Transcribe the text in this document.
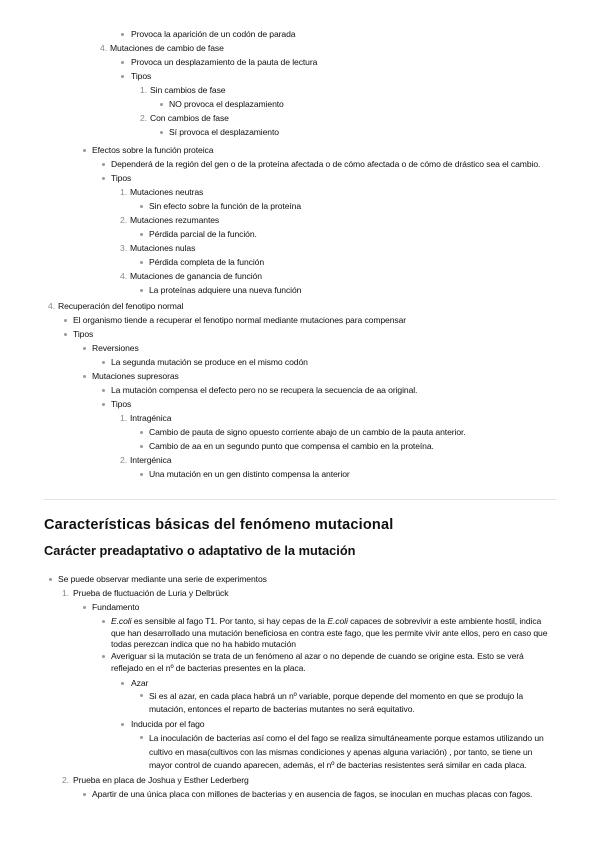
Provoca la aparición de un codón de parada
4. Mutaciones de cambio de fase
Provoca un desplazamiento de la pauta de lectura
Tipos
1. Sin cambios de fase
NO provoca el desplazamiento
2. Con cambios de fase
Sí provoca el desplazamiento
Efectos sobre la función proteica
Dependerá de la región del gen o de la proteína afectada o de cómo afectada o de cómo de drástico sea el cambio.
Tipos
1. Mutaciones neutras
Sin efecto sobre la función de la proteína
2. Mutaciones rezumantes
Pérdida parcial de la función.
3. Mutaciones nulas
Pérdida completa de la función
4. Mutaciones de ganancia de función
La proteínas adquiere una nueva función
4. Recuperación del fenotipo normal
El organismo tiende a recuperar el fenotipo normal mediante mutaciones para compensar
Tipos
Reversiones
La segunda mutación se produce en el mismo codón
Mutaciones supresoras
La mutación compensa el defecto pero no se recupera la secuencia de aa original.
Tipos
1. Intragénica
Cambio de pauta de signo opuesto corriente abajo de un cambio de la pauta anterior.
Cambio de aa en un segundo punto que compensa el cambio en la proteína.
2. Intergénica
Una mutación en un gen distinto compensa la anterior
Características básicas del fenómeno mutacional
Carácter preadaptativo o adaptativo de la mutación
Se puede observar mediante una serie de experimentos
1. Prueba de fluctuación de Luria y Delbrück
Fundamento
E.coli es sensible al fago T1. Por tanto, si hay cepas de la E.coli capaces de sobrevivir a este ambiente hostil, indica que han desarrollado una mutación beneficiosa en contra este fago, que les permite vivir ante ellos, pero en caso que todas perezcan indica que no ha habido mutación
Averiguar si la mutación se trata de un fenómeno al azar o no depende de cuando se origine esta. Esto se verá reflejado en el nº de bacterias presentes en la placa.
Azar
Si es al azar, en cada placa habrá un nº variable, porque depende del momento en que se produjo la mutación, entonces el reparto de bacterias mutantes no será equitativo.
Inducida por el fago
La inoculación de bacterias así como el del fago se realiza simultáneamente porque estamos utilizando un cultivo en masa(cultivos con las mismas condiciones y apenas alguna variación) , por tanto, se tiene un mayor control de cuando aparecen, además, el nº de bacterias resistentes será similar en cada placa.
2. Prueba en placa de Joshua y Esther Lederberg
Apartir de una única placa con millones de bacterias y en ausencia de fagos, se inoculan en muchas placas con fagos.
